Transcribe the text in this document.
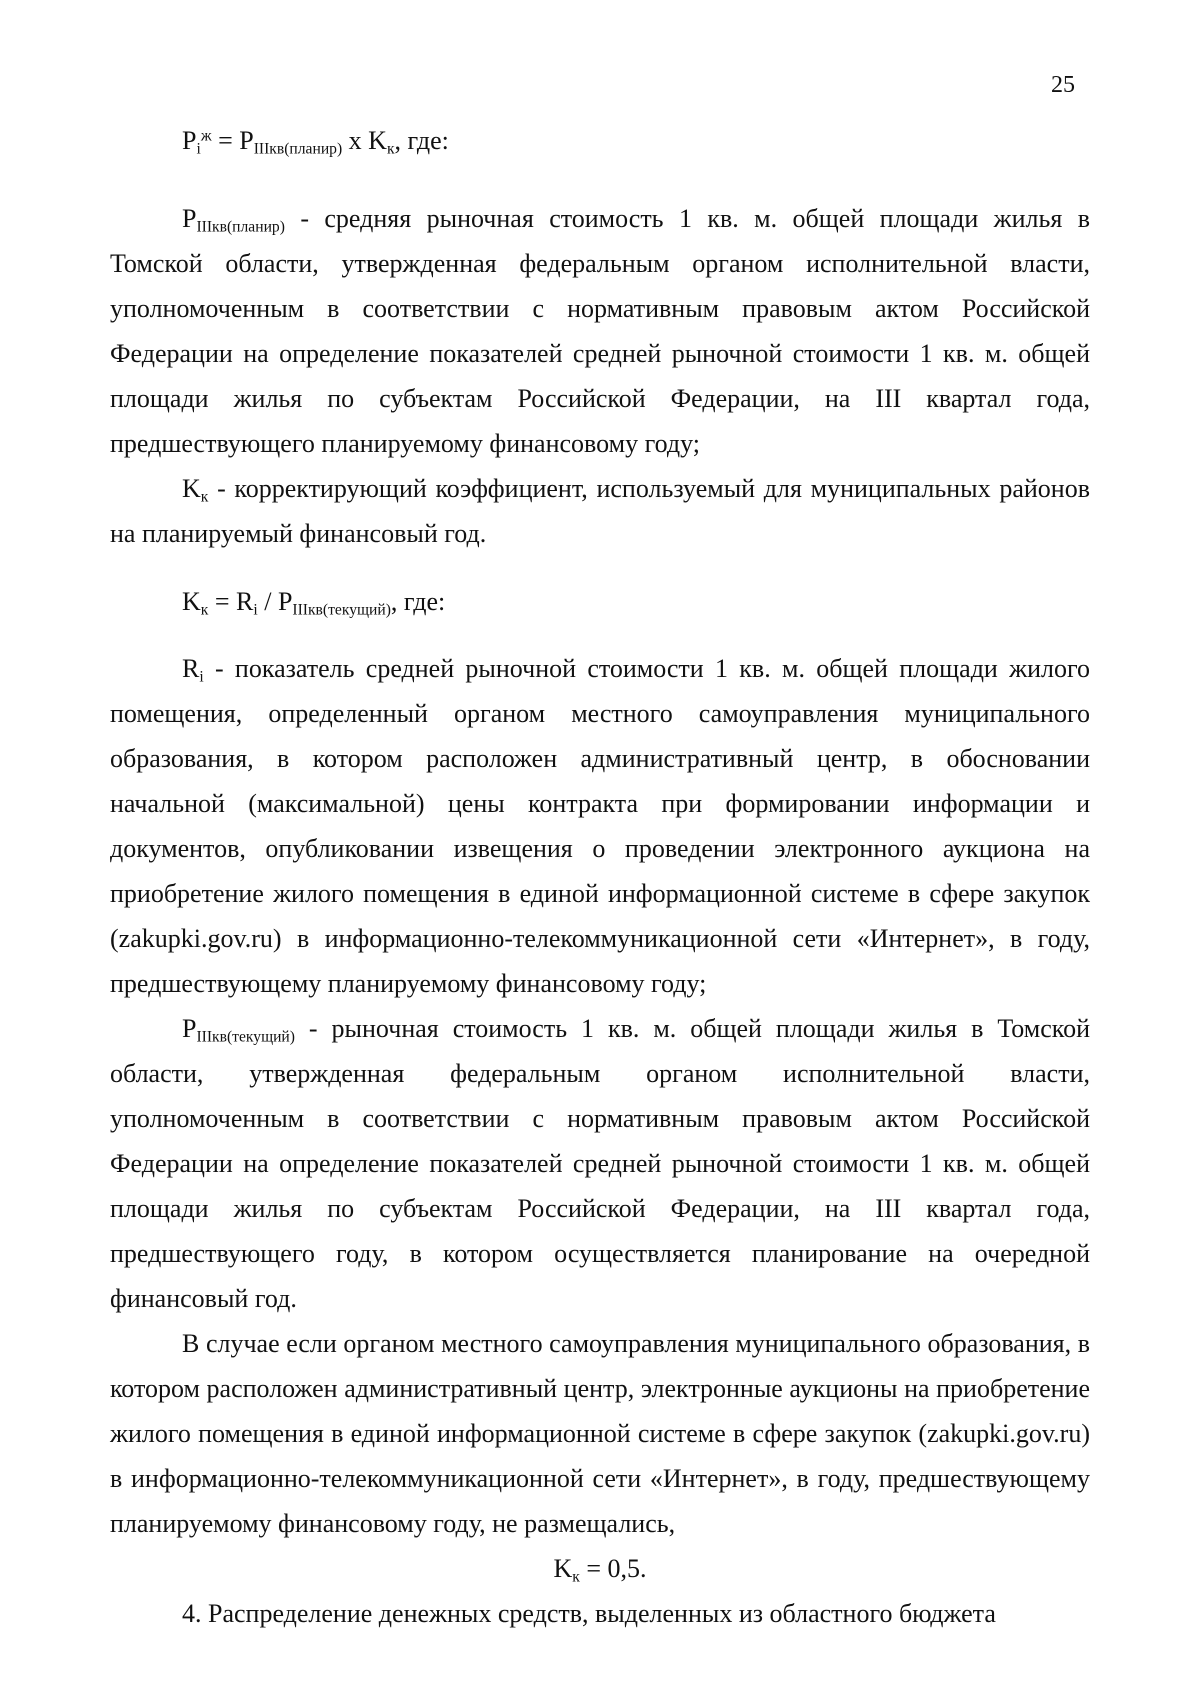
25
$P_i^ж = P_{IIIкв(планир)}$ х $K_к$, где:

$P_{IIIкв(планир)}$ - средняя рыночная стоимость 1 кв. м. общей площади жилья в Томской области, утвержденная федеральным органом исполнительной власти, уполномоченным в соответствии с нормативным правовым актом Российской Федерации на определение показателей средней рыночной стоимости 1 кв. м. общей площади жилья по субъектам Российской Федерации, на III квартал года, предшествующего планируемому финансовому году;

$K_к$ - корректирующий коэффициент, используемый для муниципальных районов на планируемый финансовый год.

$K_к = R_i / P_{IIIкв(текущий)}$, где:

$R_i$ - показатель средней рыночной стоимости 1 кв. м. общей площади жилого помещения, определенный органом местного самоуправления муниципального образования, в котором расположен административный центр, в обосновании начальной (максимальной) цены контракта при формировании информации и документов, опубликовании извещения о проведении электронного аукциона на приобретение жилого помещения в единой информационной системе в сфере закупок (zakupki.gov.ru) в информационно-телекоммуникационной сети «Интернет», в году, предшествующему планируемому финансовому году;

$P_{IIIкв(текущий)}$ - рыночная стоимость 1 кв. м. общей площади жилья в Томской области, утвержденная федеральным органом исполнительной власти, уполномоченным в соответствии с нормативным правовым актом Российской Федерации на определение показателей средней рыночной стоимости 1 кв. м. общей площади жилья по субъектам Российской Федерации, на III квартал года, предшествующего году, в котором осуществляется планирование на очередной финансовый год.

В случае если органом местного самоуправления муниципального образования, в котором расположен административный центр, электронные аукционы на приобретение жилого помещения в единой информационной системе в сфере закупок (zakupki.gov.ru) в информационно-телекоммуникационной сети «Интернет», в году, предшествующему планируемому финансовому году, не размещались,

$K_к = 0,5$.

4. Распределение денежных средств, выделенных из областного бюджета
